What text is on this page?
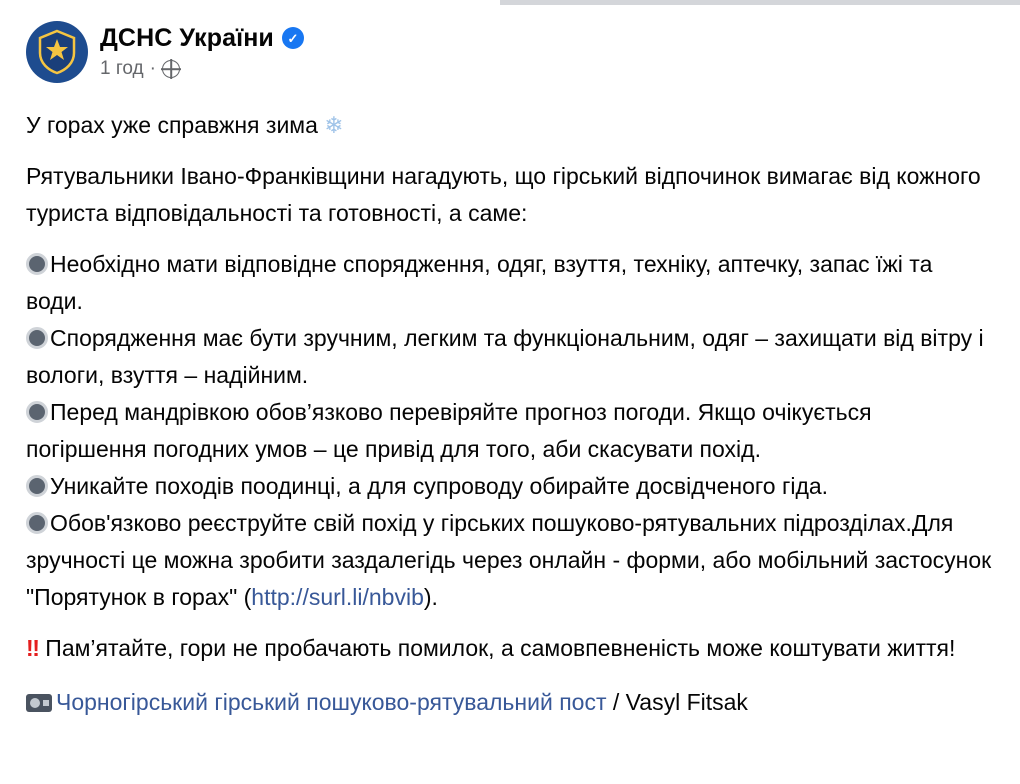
ДСНС України	✓
1 год ·

У горах уже справжня зима ❄

Рятувальники Івано-Франківщини нагадують, що гірський відпочинок вимагає від кожного туриста відповідальності та готовності, а саме:

Необхідно мати відповідне спорядження, одяг, взуття, техніку, аптечку, запас їжі та води.

Спорядження має бути зручним, легким та функціональним, одяг – захищати від вітру і вологи, взуття – надійним.

Перед мандрівкою обов’язково перевіряйте прогноз погоди. Якщо очікується погіршення погодних умов – це привід для того, аби скасувати похід.

Уникайте походів поодинці, а для супроводу обирайте досвідченого гіда.

Обов'язково реєструйте свій похід у гірських пошуково-рятувальних підрозділах.Для зручності це можна зробити заздалегідь через онлайн - форми, або мобільний застосунок "Порятунок в горах" (http://surl.li/nbvib).

‼ Пам’ятайте, гори не пробачають помилок, а самовпевненість може коштувати життя!

Чорногірський гірський пошуково-рятувальний пост / Vasyl Fitsak
